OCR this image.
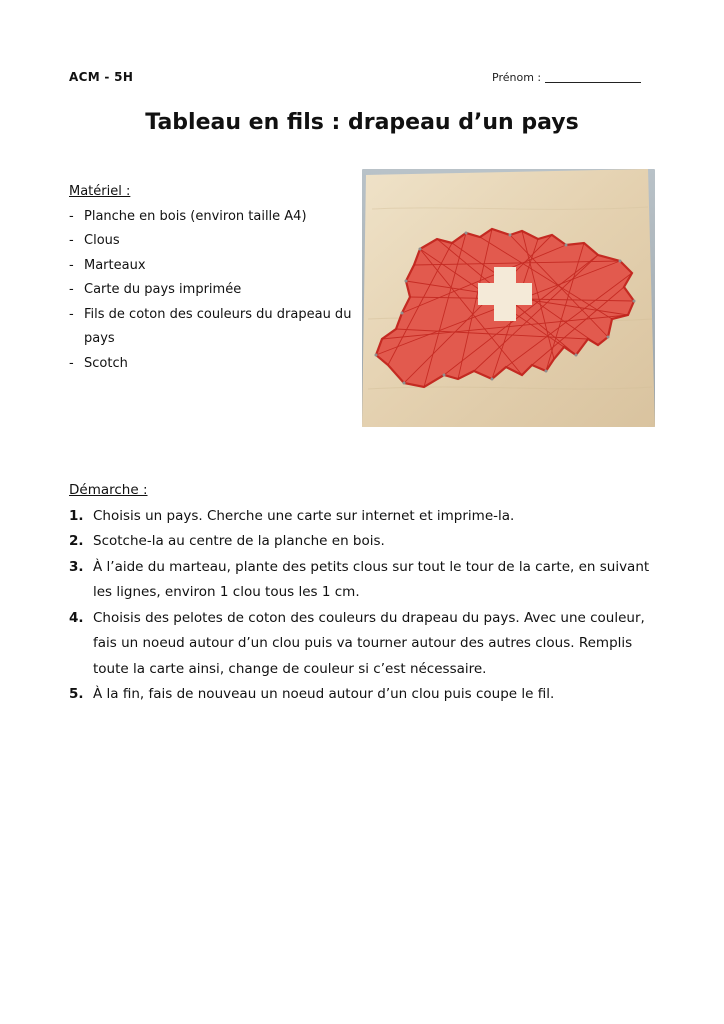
ACM - 5H	Prénom :
Tableau en fils : drapeau d’un pays
Matériel :
- Planche en bois (environ taille A4)
- Clous
- Marteaux
- Carte du pays imprimée
- Fils de coton des couleurs du drapeau du pays
- Scotch
Démarche :
1. Choisis un pays. Cherche une carte sur internet et imprime-la.
2. Scotche-la au centre de la planche en bois.
3. À l’aide du marteau, plante des petits clous sur tout le tour de la carte, en suivant les lignes, environ 1 clou tous les 1 cm.
4. Choisis des pelotes de coton des couleurs du drapeau du pays. Avec une couleur, fais un noeud autour d’un clou puis va tourner autour des autres clous. Remplis toute la carte ainsi, change de couleur si c’est nécessaire.
5. À la fin, fais de nouveau un noeud autour d’un clou puis coupe le fil.
